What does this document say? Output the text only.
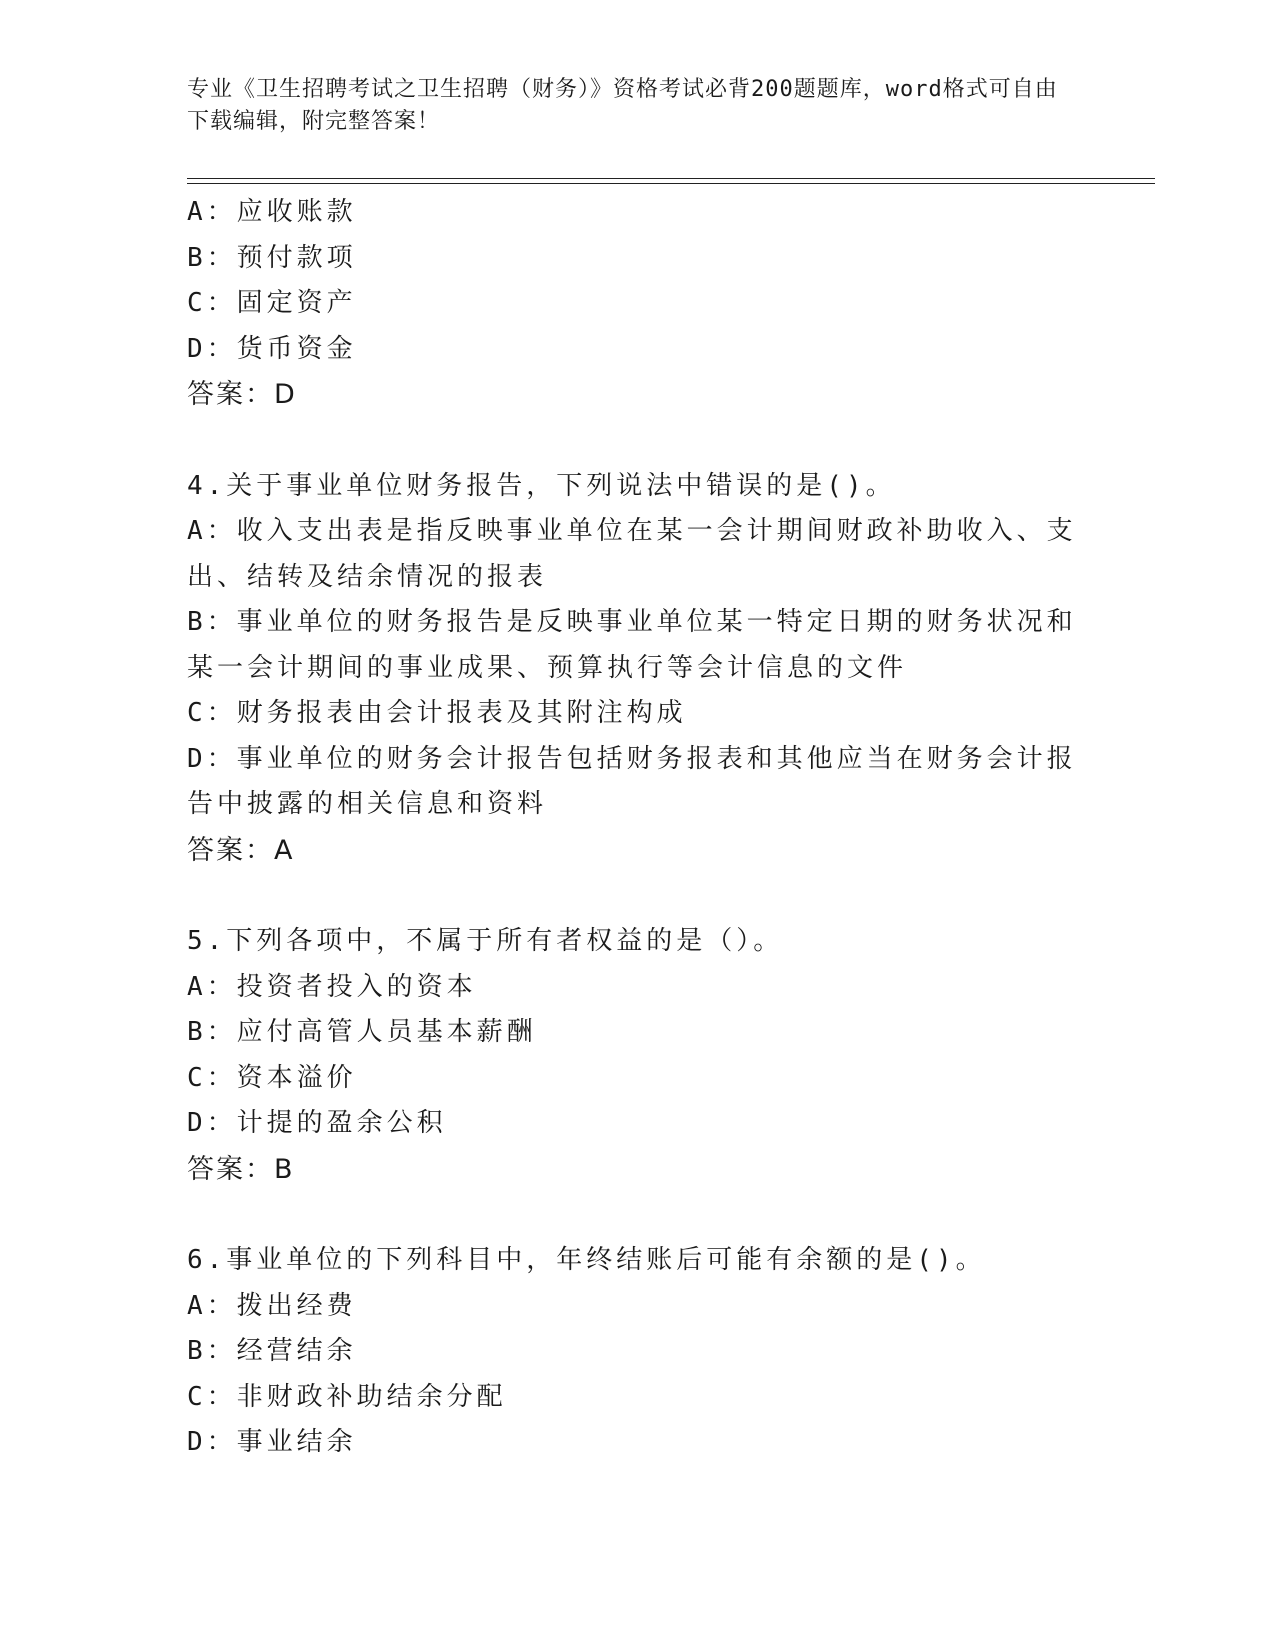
专业《卫生招聘考试之卫生招聘（财务）》资格考试必背200题题库，word格式可自由下载编辑，附完整答案！
A：应收账款
B：预付款项
C：固定资产
D：货币资金
答案：D
4.关于事业单位财务报告，下列说法中错误的是()。
A：收入支出表是指反映事业单位在某一会计期间财政补助收入、支出、结转及结余情况的报表
B：事业单位的财务报告是反映事业单位某一特定日期的财务状况和某一会计期间的事业成果、预算执行等会计信息的文件
C：财务报表由会计报表及其附注构成
D：事业单位的财务会计报告包括财务报表和其他应当在财务会计报告中披露的相关信息和资料
答案：A
5.下列各项中，不属于所有者权益的是（）。
A：投资者投入的资本
B：应付高管人员基本薪酬
C：资本溢价
D：计提的盈余公积
答案：B
6.事业单位的下列科目中，年终结账后可能有余额的是()。
A：拨出经费
B：经营结余
C：非财政补助结余分配
D：事业结余
